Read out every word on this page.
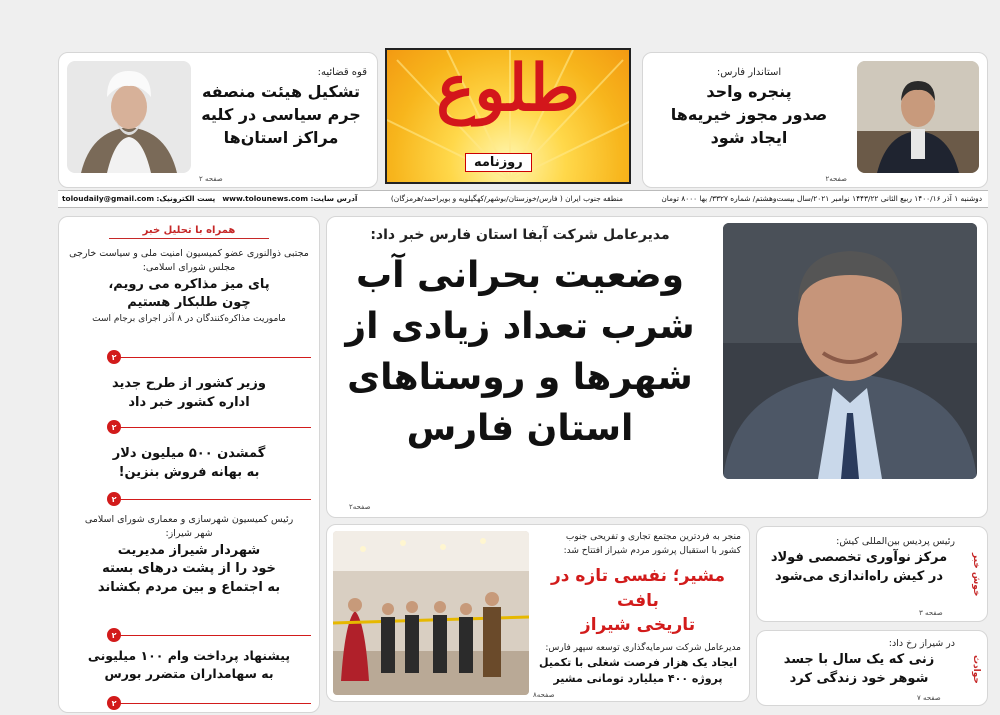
استاندار فارس:
پنجره واحد
صدور مجوز خیریه‌ها
ایجاد شود
صفحه۲
طلوع
روزنامه
قوه قضائیه:
تشکیل هیئت منصفه
جرم سیاسی در کلیه
مراکز استان‌ها
صفحه ۲
دوشنبه ۱ آذر ۱۴۰۰/۱۶ ربیع الثانی ۱۴۴۳/۲۲ نوامبر ۲۰۲۱/سال بیست‌وهشتم/ شماره ۳۳۲۷/ بها ۸۰۰۰ تومان
منطقه جنوب ایران ( فارس/خوزستان/بوشهر/کهگیلویه و بویراحمد/هرمزگان)
آدرس سایت: www.tolounews.com   پست الکترونیک: toloudaily@gmail.com
مدیرعامل شرکت آبفا استان فارس خبر داد:
وضعیت بحرانی آب
شرب تعداد زیادی از
شهرها و روستاهای
استان فارس
صفحه۲
همراه با تحلیل خبر
مجتبی ذوالنوری عضو کمیسیون امنیت ملی و سیاست خارجی
مجلس شورای اسلامی:
پای میز مذاکره می رویم،
چون طلبکار هستیم
ماموریت مذاکره‌کنندگان در ۸ آذر اجرای برجام است
۲
وزیر کشور از طرح جدید
اداره کشور خبر داد
۲
گمشدن ۵۰۰ میلیون دلار
به بهانه فروش بنزین!
۲
رئیس کمیسیون شهرسازی و معماری شورای اسلامی
شهر شیراز:
شهردار شیراز مدیریت
خود را از پشت درهای بسته
به اجتماع و بین مردم بکشاند
۲
پیشنهاد پرداخت وام ۱۰۰ میلیونی
به سهامداران متضرر بورس
۲
منجر به فردترین مجتمع تجاری و تفریحی جنوب
کشور با استقبال پرشور مردم شیراز افتتاح شد:
مشیر؛ نفسی تازه در بافت
تاریخی شیراز
مدیرعامل شرکت سرمایه‌گذاری توسعه سپهر فارس:
ایجاد یک هزار فرصت شغلی با تکمیل
پروژه ۴۰۰ میلیارد تومانی مشیر
صفحه۸
خوش خبر
رئیس پردیس بین‌المللی کیش:
مرکز نوآوری تخصصی فولاد
در کیش راه‌اندازی می‌شود
صفحه ۳
حوادث
در شیراز رخ داد:
زنی که یک سال با جسد
شوهر خود زندگی کرد
صفحه ۷
